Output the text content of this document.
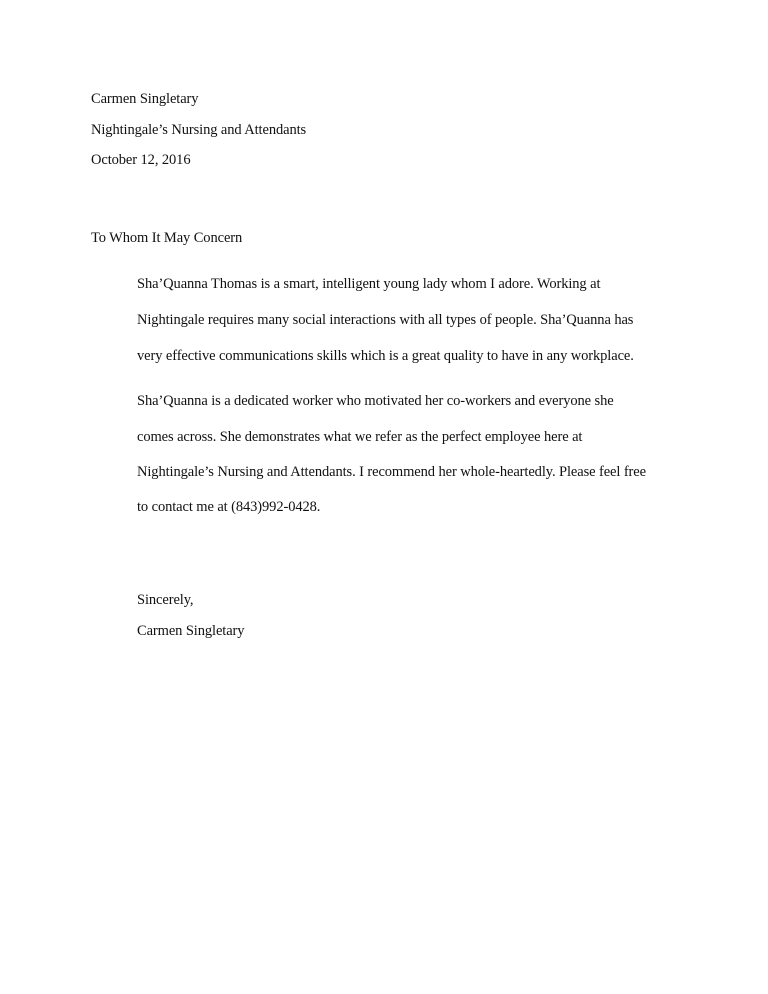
Carmen Singletary
Nightingale’s Nursing and Attendants
October 12, 2016
To Whom It May Concern
Sha’Quanna Thomas is a smart, intelligent young lady whom I adore. Working at
Nightingale requires many social interactions with all types of people. Sha’Quanna has
very effective communications skills which is a great quality to have in any workplace.
Sha’Quanna is a dedicated worker who motivated her co-workers and everyone she
comes across. She demonstrates what we refer as the perfect employee here at
Nightingale’s Nursing and Attendants. I recommend her whole-heartedly. Please feel free
to contact me at (843)992-0428.
Sincerely,
Carmen Singletary
